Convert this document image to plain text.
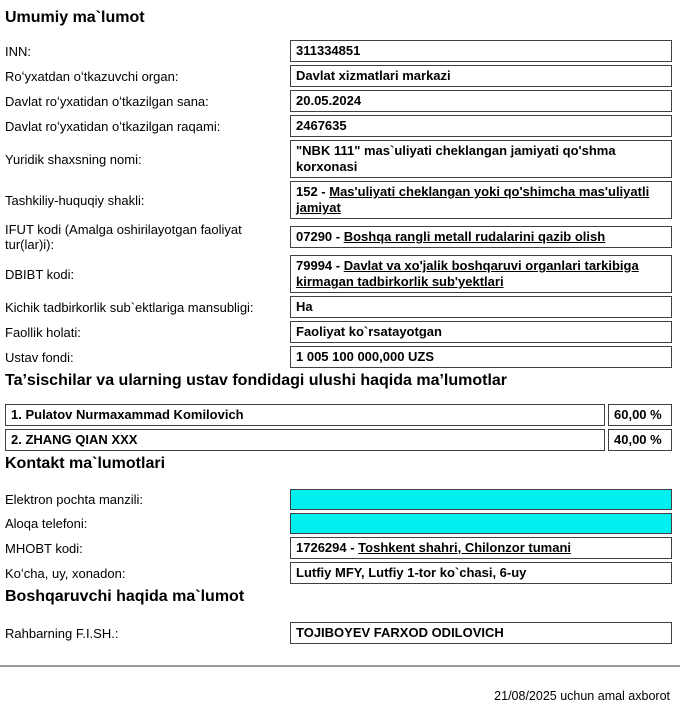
Umumiy ma`lumot
INN:	311334851
Roʻyxatdan oʻtkazuvchi organ:	Davlat xizmatlari markazi
Davlat roʻyxatidan oʻtkazilgan sana:	20.05.2024
Davlat roʻyxatidan oʻtkazilgan raqami:	2467635
Yuridik shaxsning nomi:
"NBK 111" mas`uliyati cheklangan jamiyati qo'shma korxonasi
Tashkiliy-huquqiy shakli:
152 - Mas'uliyati cheklangan yoki qo'shimcha mas'uliyatli jamiyat
IFUT kodi (Amalga oshirilayotgan faoliyat tur(lar)i):
07290 - Boshqa rangli metall rudalarini qazib olish
DBIBT kodi:
79994 - Davlat va xo'jalik boshqaruvi organlari tarkibiga kirmagan tadbirkorlik sub'yektlari
Kichik tadbirkorlik sub`ektlariga mansubligi:	Ha
Faollik holati:	Faoliyat ko`rsatayotgan
Ustav fondi:	1 005 100 000,000 UZS
Taʼsischilar va ularning ustav fondidagi ulushi haqida maʼlumotlar
1. Pulatov Nurmaxammad Komilovich	60,00 %
2. ZHANG QIAN XXX	40,00 %
Kontakt ma`lumotlari
Elektron pochta manzili:
Aloqa telefoni:
MHOBT kodi:	1726294 - Toshkent shahri, Chilonzor tumani
Koʻcha, uy, xonadon:	Lutfiy MFY, Lutfiy 1-tor ko`chasi, 6-uy
Boshqaruvchi haqida ma`lumot
Rahbarning F.I.SH.:	TOJIBOYEV FARXOD ODILOVICH
21/08/2025 uchun amal axborot
